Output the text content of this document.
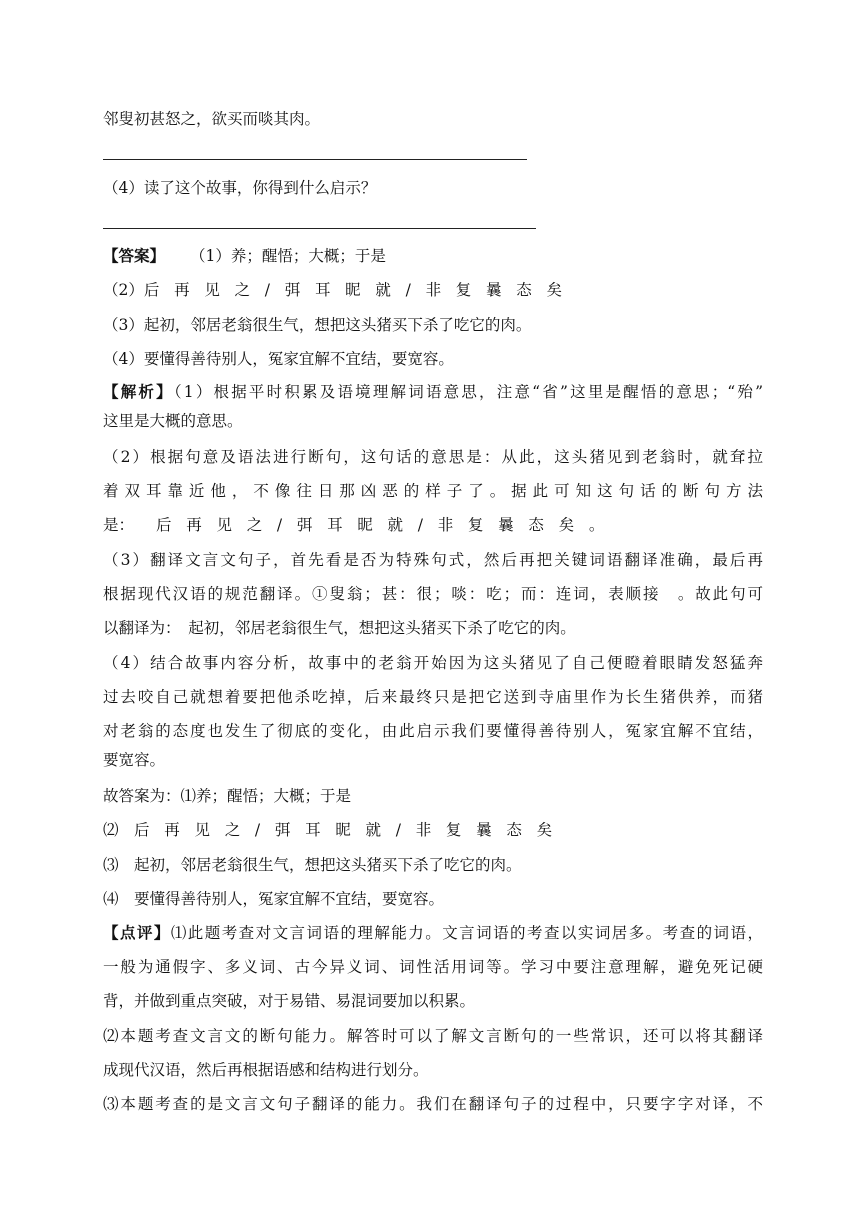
邻叟初甚怒之，欲买而啖其肉。
（4）读了这个故事，你得到什么启示？
【答案】 （1）养；醒悟；大概；于是
（2）后再见之/弭耳昵就/非复曩态矣
（3）起初，邻居老翁很生气，想把这头猪买下杀了吃它的肉。
（4）要懂得善待别人，冤家宜解不宜结，要宽容。
【解析】（1）根据平时积累及语境理解词语意思，注意“省”这里是醒悟的意思；“殆”
这里是大概的意思。
（2）根据句意及语法进行断句，这句话的意思是：从此，这头猪见到老翁时，就耷拉
着双耳靠近他，不像往日那凶恶的样子了。据此可知这句话的断句方法
是： 后再见之/弭耳昵就/非复曩态矣。
（3）翻译文言文句子，首先看是否为特殊句式，然后再把关键词语翻译准确，最后再
根据现代汉语的规范翻译。①叟翁；甚：很；啖：吃；而：连词，表顺接　。故此句可
以翻译为：　起初，邻居老翁很生气，想把这头猪买下杀了吃它的肉。
（4）结合故事内容分析，故事中的老翁开始因为这头猪见了自己便瞪着眼睛发怒猛奔
过去咬自己就想着要把他杀吃掉，后来最终只是把它送到寺庙里作为长生猪供养，而猪
对老翁的态度也发生了彻底的变化，由此启示我们要懂得善待别人，冤家宜解不宜结，
要宽容。
故答案为：⑴养；醒悟；大概；于是
⑵　后再见之/弭耳昵就/非复曩态矣
⑶　起初，邻居老翁很生气，想把这头猪买下杀了吃它的肉。
⑷　要懂得善待别人，冤家宜解不宜结，要宽容。
【点评】⑴此题考查对文言词语的理解能力。文言词语的考查以实词居多。考查的词语，
一般为通假字、多义词、古今异义词、词性活用词等。学习中要注意理解，避免死记硬
背，并做到重点突破，对于易错、易混词要加以积累。
⑵本题考查文言文的断句能力。解答时可以了解文言断句的一些常识，还可以将其翻译
成现代汉语，然后再根据语感和结构进行划分。
⑶本题考查的是文言文句子翻译的能力。我们在翻译句子的过程中，只要字字对译，不
